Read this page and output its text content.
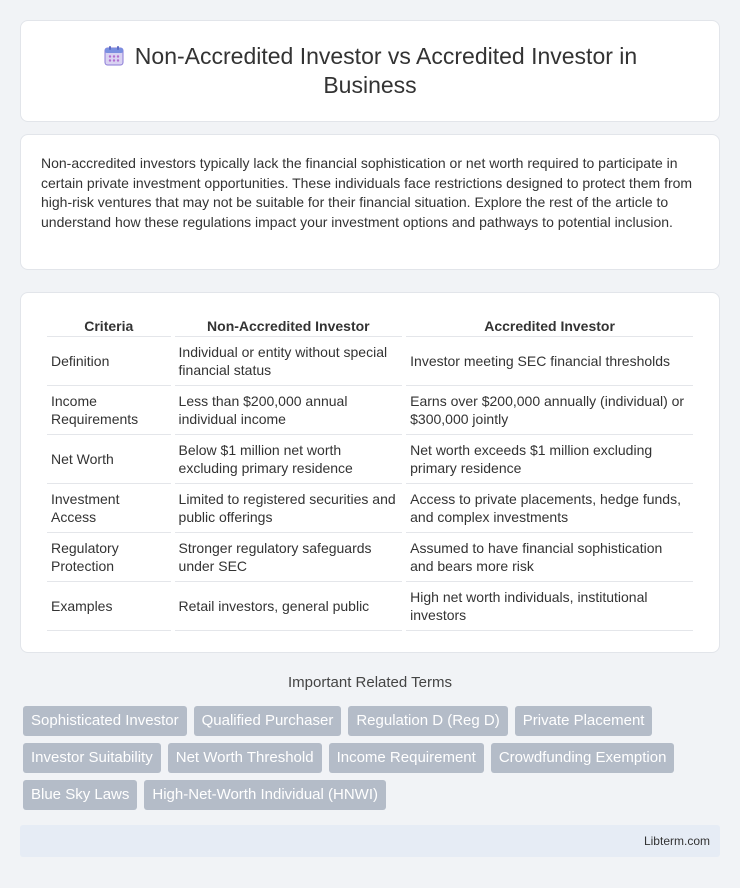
Non-Accredited Investor vs Accredited Investor in Business

Non-accredited investors typically lack the financial sophistication or net worth required to participate in certain private investment opportunities. These individuals face restrictions designed to protect them from high-risk ventures that may not be suitable for their financial situation. Explore the rest of the article to understand how these regulations impact your investment options and pathways to potential inclusion.

Criteria	Non-Accredited Investor	Accredited Investor
Definition	Individual or entity without special financial status	Investor meeting SEC financial thresholds
Income Requirements	Less than $200,000 annual individual income	Earns over $200,000 annually (individual) or $300,000 jointly
Net Worth	Below $1 million net worth excluding primary residence	Net worth exceeds $1 million excluding primary residence
Investment Access	Limited to registered securities and public offerings	Access to private placements, hedge funds, and complex investments
Regulatory Protection	Stronger regulatory safeguards under SEC	Assumed to have financial sophistication and bears more risk
Examples	Retail investors, general public	High net worth individuals, institutional investors
Important Related Terms
Sophisticated Investor	Qualified Purchaser	Regulation D (Reg D)	Private Placement
Investor Suitability	Net Worth Threshold	Income Requirement	Crowdfunding Exemption
Blue Sky Laws	High-Net-Worth Individual (HNWI)
Libterm.com
